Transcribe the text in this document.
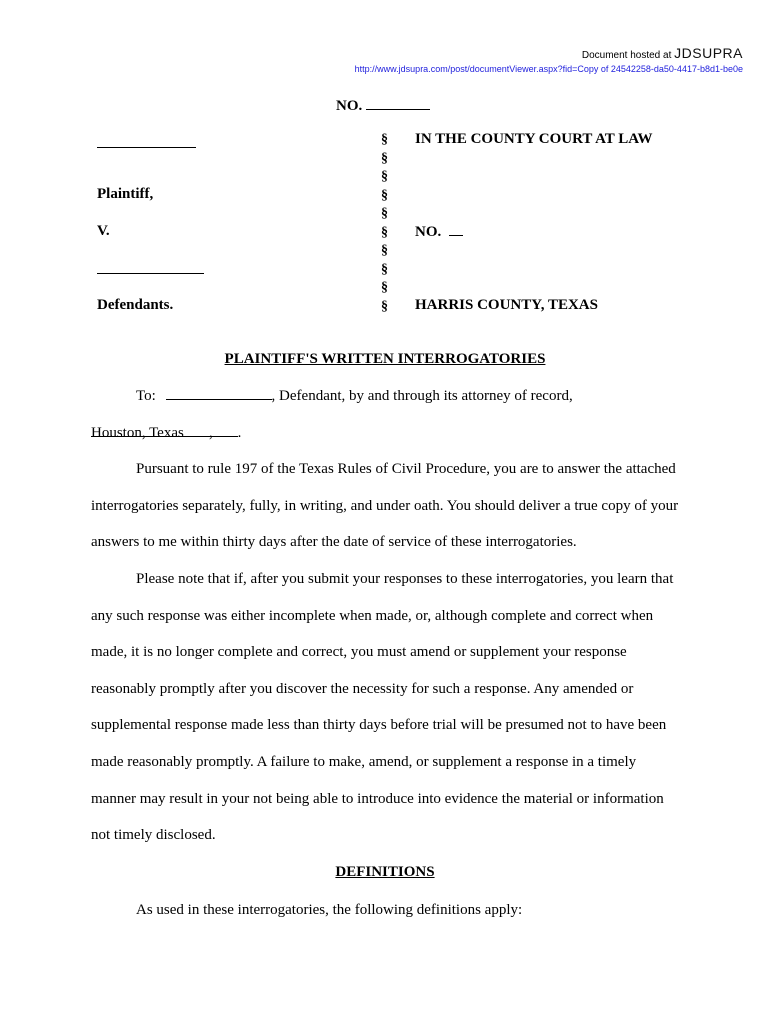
Document hosted at JDSUPRA
http://www.jdsupra.com/post/documentViewer.aspx?fid=Copy of 24542258-da50-4417-b8d1-be0e
NO.
Plaintiff,
V.
Defendants.
§
§
§
§
§
§
§
§
§
§
IN THE COUNTY COURT AT LAW
NO.
HARRIS COUNTY, TEXAS
PLAINTIFF'S WRITTEN INTERROGATORIES
To:	, Defendant, by and through its attorney of record, ,
Houston, Texas	.
Pursuant to rule 197 of the Texas Rules of Civil Procedure, you are to answer the attached interrogatories separately, fully, in writing, and under oath. You should deliver a true copy of your answers to me within thirty days after the date of service of these interrogatories.
Please note that if, after you submit your responses to these interrogatories, you learn that any such response was either incomplete when made, or, although complete and correct when made, it is no longer complete and correct, you must amend or supplement your response reasonably promptly after you discover the necessity for such a response. Any amended or supplemental response made less than thirty days before trial will be presumed not to have been made reasonably promptly. A failure to make, amend, or supplement a response in a timely manner may result in your not being able to introduce into evidence the material or information not timely disclosed.
DEFINITIONS
As used in these interrogatories, the following definitions apply:
